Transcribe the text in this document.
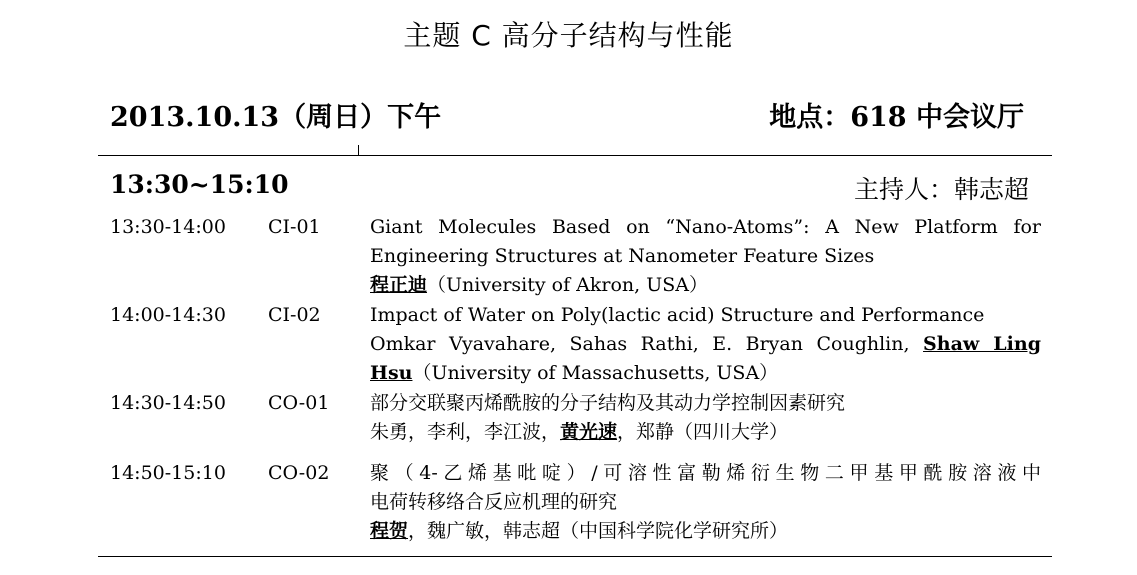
主题 C 高分子结构与性能
2013.10.13（周日）下午	地点：618 中会议厅
13:30~15:10	主持人：韩志超
13:30-14:00 CI-01	Giant Molecules Based on “Nano-Atoms”: A New Platform for
Engineering Structures at Nanometer Feature Sizes
程正迪（University of Akron, USA）
14:00-14:30 CI-02	Impact of Water on Poly(lactic acid) Structure and Performance
Omkar Vyavahare, Sahas Rathi, E. Bryan Coughlin, Shaw Ling
Hsu（University of Massachusetts, USA）
14:30-14:50 CO-01 部分交联聚丙烯酰胺的分子结构及其动力学控制因素研究
朱勇，李利，李江波，黄光速，郑静（四川大学）
14:50-15:10 CO-02 聚（4-乙烯基吡啶）/可溶性富勒烯衍生物二甲基甲酰胺溶液中
电荷转移络合反应机理的研究
程贺，魏广敏，韩志超（中国科学院化学研究所）
